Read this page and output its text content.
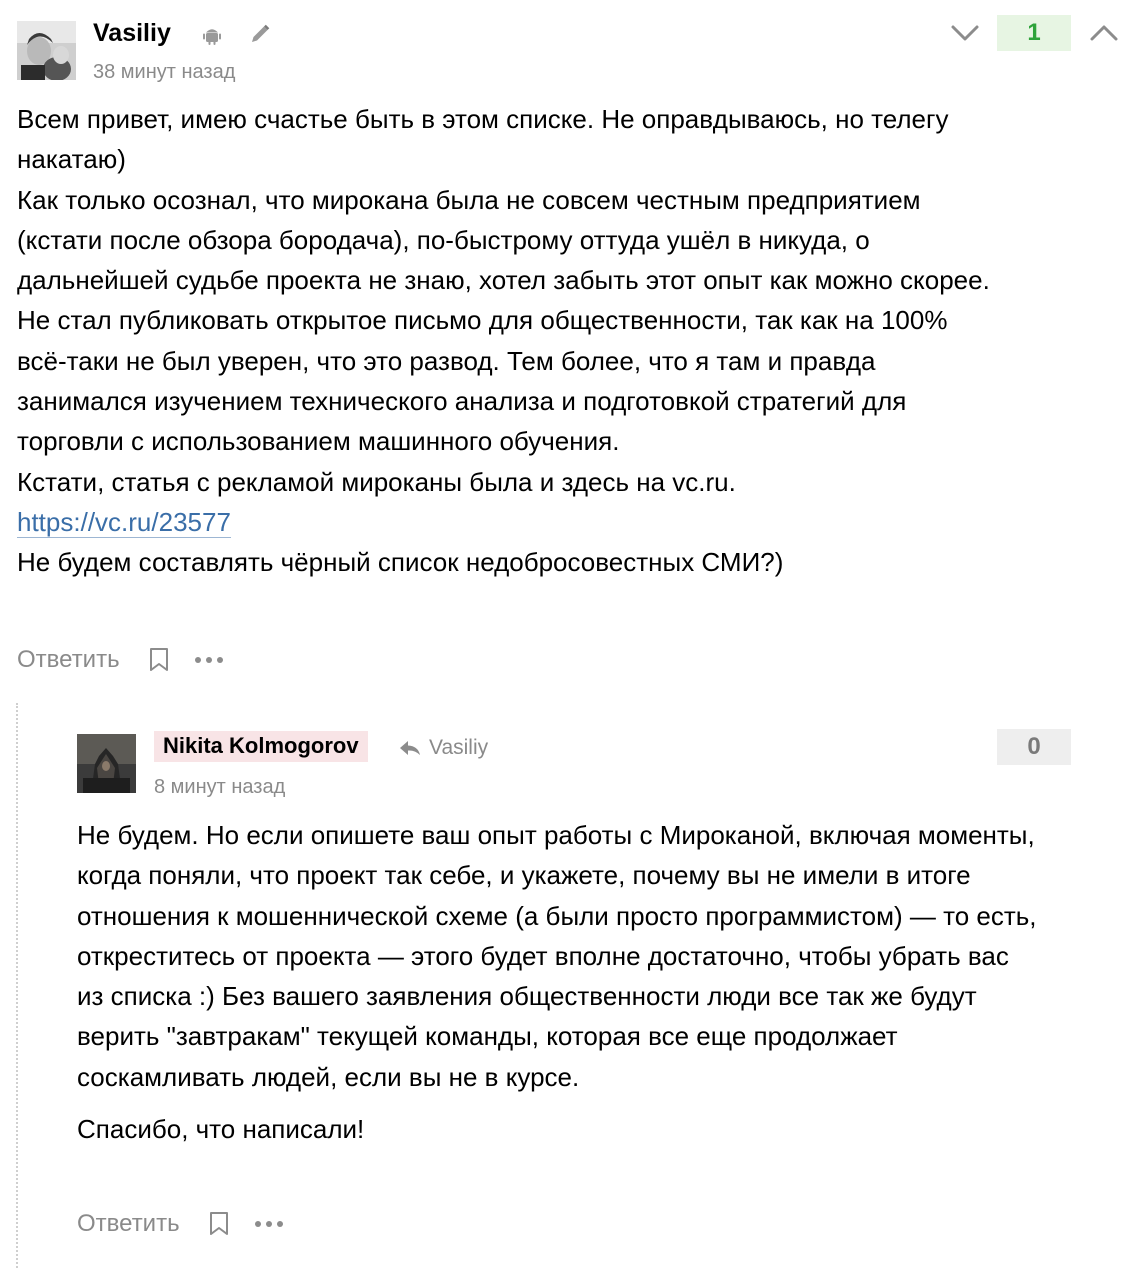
Vasiliy
38 минут назад
1

Всем привет, имею счастье быть в этом списке. Не оправдываюсь, но телегу накатаю)

Как только осознал, что мирокана была не совсем честным предприятием (кстати после обзора бородача), по-быстрому оттуда ушёл в никуда, о дальнейшей судьбе проекта не знаю, хотел забыть этот опыт как можно скорее. Не стал публиковать открытое письмо для общественности, так как на 100% всё-таки не был уверен, что это развод. Тем более, что я там и правда занимался изучением технического анализа и подготовкой стратегий для торговли с использованием машинного обучения.

Кстати, статья с рекламой мироканы была и здесь на vc.ru.

https://vc.ru/23577

Не будем составлять чёрный список недобросовестных СМИ?)

Ответить
Nikita Kolmogorov	Vasiliy
8 минут назад
0

Не будем. Но если опишете ваш опыт работы с Мироканой, включая моменты, когда поняли, что проект так себе, и укажете, почему вы не имели в итоге отношения к мошеннической схеме (а были просто программистом) — то есть, откреститесь от проекта — этого будет вполне достаточно, чтобы убрать вас из списка :) Без вашего заявления общественности люди все так же будут верить "завтракам" текущей команды, которая все еще продолжает соскамливать людей, если вы не в курсе.

Спасибо, что написали!

Ответить
